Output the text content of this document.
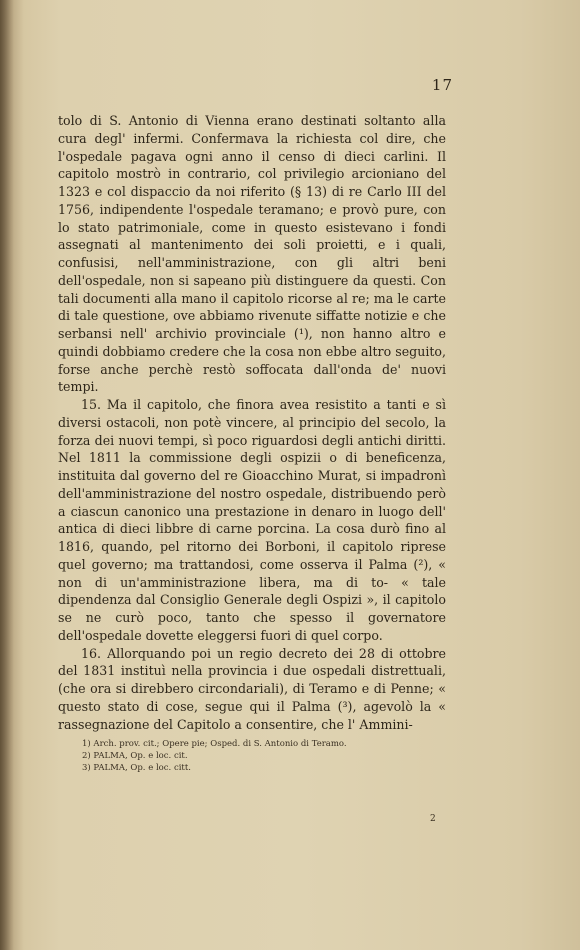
17

tolo di S. Antonio di Vienna erano destinati soltanto alla cura degl' infermi. Confermava la richiesta col dire, che l'ospedale pagava ogni anno il censo di dieci carlini. Il capitolo mostrò in contrario, col privilegio arcioniano del 1323 e col dispaccio da noi riferito (§ 13) di re Carlo III del 1756, indipendente l'ospedale teramano; e provò pure, con lo stato patrimoniale, come in questo esistevano i fondi assegnati al mantenimento dei soli proietti, e i quali, confusisi, nell'amministrazione, con gli altri beni dell'ospedale, non si sapeano più distinguere da questi. Con tali documenti alla mano il capitolo ricorse al re; ma le carte di tale questione, ove abbiamo rivenute siffatte notizie e che serbansi nell' archivio provinciale (¹), non hanno altro e quindi dobbiamo credere che la cosa non ebbe altro seguito, forse anche perchè restò soffocata dall'onda de' nuovi tempi.

15. Ma il capitolo, che finora avea resistito a tanti e sì diversi ostacoli, non potè vincere, al principio del secolo, la forza dei nuovi tempi, sì poco riguardosi degli antichi diritti. Nel 1811 la commissione degli ospizii o di beneficenza, instituita dal governo del re Gioacchino Murat, si impadronì dell'amministrazione del nostro ospedale, distribuendo però a ciascun canonico una prestazione in denaro in luogo dell' antica di dieci libbre di carne porcina. La cosa durò fino al 1816, quando, pel ritorno dei Borboni, il capitolo riprese quel governo; ma trattandosi, come osserva il Palma (²), « non di un'amministrazione libera, ma di to- « tale dipendenza dal Consiglio Generale degli Ospizi », il capitolo se ne curò poco, tanto che spesso il governatore dell'ospedale dovette eleggersi fuori di quel corpo.

16. Allorquando poi un regio decreto dei 28 di ottobre del 1831 instituì nella provincia i due ospedali distrettuali, (che ora si direbbero circondariali), di Teramo e di Penne; « questo stato di cose, segue qui il Palma (³), agevolò la « rassegnazione del Capitolo a consentire, che l' Ammini-

1) Arch. prov. cit.; Opere pie; Osped. di S. Antonio di Teramo.
2) PALMA, Op. e loc. cit.
3) PALMA, Op. e loc. citt.
2
